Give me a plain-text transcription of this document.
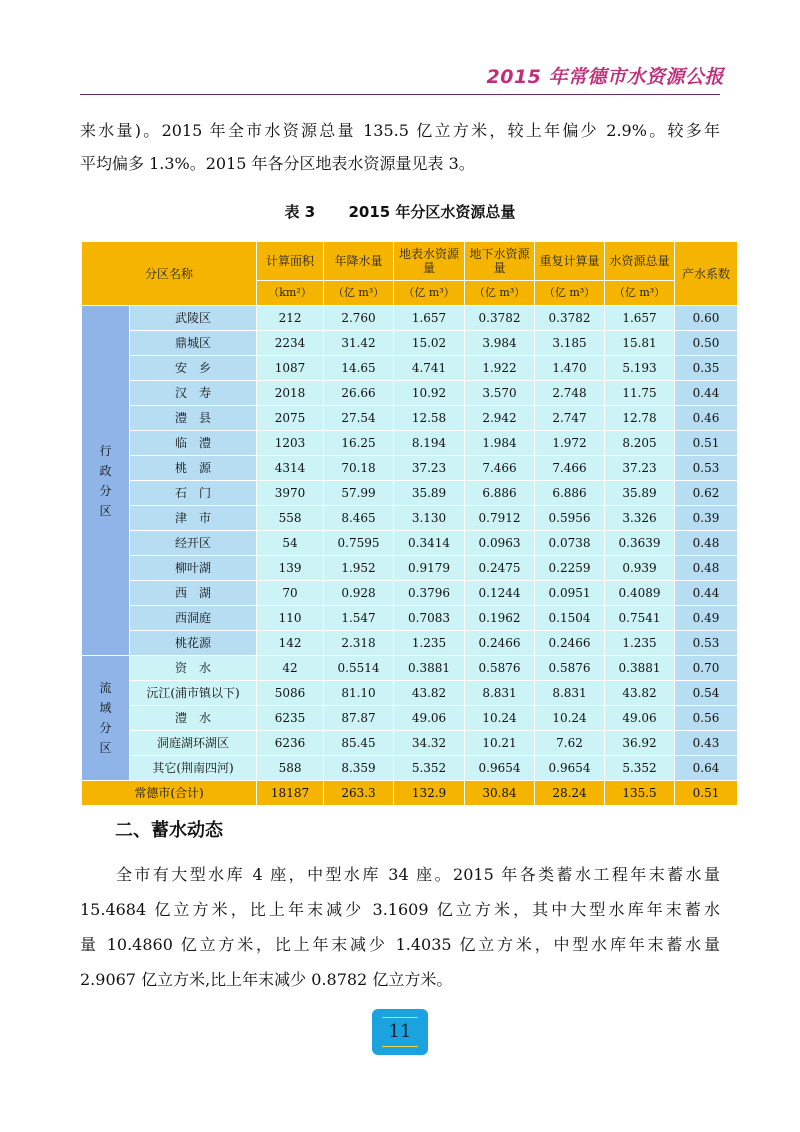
2015 年常德市水资源公报
来水量)。2015 年全市水资源总量 135.5 亿立方米，较上年偏少 2.9%。较多年
平均偏多 1.3%。2015 年各分区地表水资源量见表 3。
表 3 2015 年分区水资源总量
分区名称		计算面积	年降水量	地表水资源量	地下水资源量	重复计算量	水资源总量	产水系数
		（km²）	（亿 m³）	（亿 m³）	（亿 m³）	（亿 m³）	（亿 m³）	
行政分区	武陵区	212	2.760	1.657	0.3782	0.3782	1.657	0.60
	鼎城区	2234	31.42	15.02	3.984	3.185	15.81	0.50
	安　乡	1087	14.65	4.741	1.922	1.470	5.193	0.35
	汉　寿	2018	26.66	10.92	3.570	2.748	11.75	0.44
	澧　县	2075	27.54	12.58	2.942	2.747	12.78	0.46
	临　澧	1203	16.25	8.194	1.984	1.972	8.205	0.51
	桃　源	4314	70.18	37.23	7.466	7.466	37.23	0.53
	石　门	3970	57.99	35.89	6.886	6.886	35.89	0.62
	津　市	558	8.465	3.130	0.7912	0.5956	3.326	0.39
	经开区	54	0.7595	0.3414	0.0963	0.0738	0.3639	0.48
	柳叶湖	139	1.952	0.9179	0.2475	0.2259	0.939	0.48
	西　湖	70	0.928	0.3796	0.1244	0.0951	0.4089	0.44
	西洞庭	110	1.547	0.7083	0.1962	0.1504	0.7541	0.49
	桃花源	142	2.318	1.235	0.2466	0.2466	1.235	0.53
流域分区	资　水	42	0.5514	0.3881	0.5876	0.5876	0.3881	0.70
	沅江(浦市镇以下)	5086	81.10	43.82	8.831	8.831	43.82	0.54
	澧　水	6235	87.87	49.06	10.24	10.24	49.06	0.56
	洞庭湖环湖区	6236	85.45	34.32	10.21	7.62	36.92	0.43
	其它(荆南四河)	588	8.359	5.352	0.9654	0.9654	5.352	0.64
常德市(合计)		18187	263.3	132.9	30.84	28.24	135.5	0.51
二、蓄水动态
全市有大型水库 4 座，中型水库 34 座。2015 年各类蓄水工程年末蓄水量
15.4684 亿立方米，比上年末减少 3.1609 亿立方米，其中大型水库年末蓄水
量 10.4860 亿立方米，比上年末减少 1.4035 亿立方米，中型水库年末蓄水量
2.9067 亿立方米,比上年末减少 0.8782 亿立方米。
11
